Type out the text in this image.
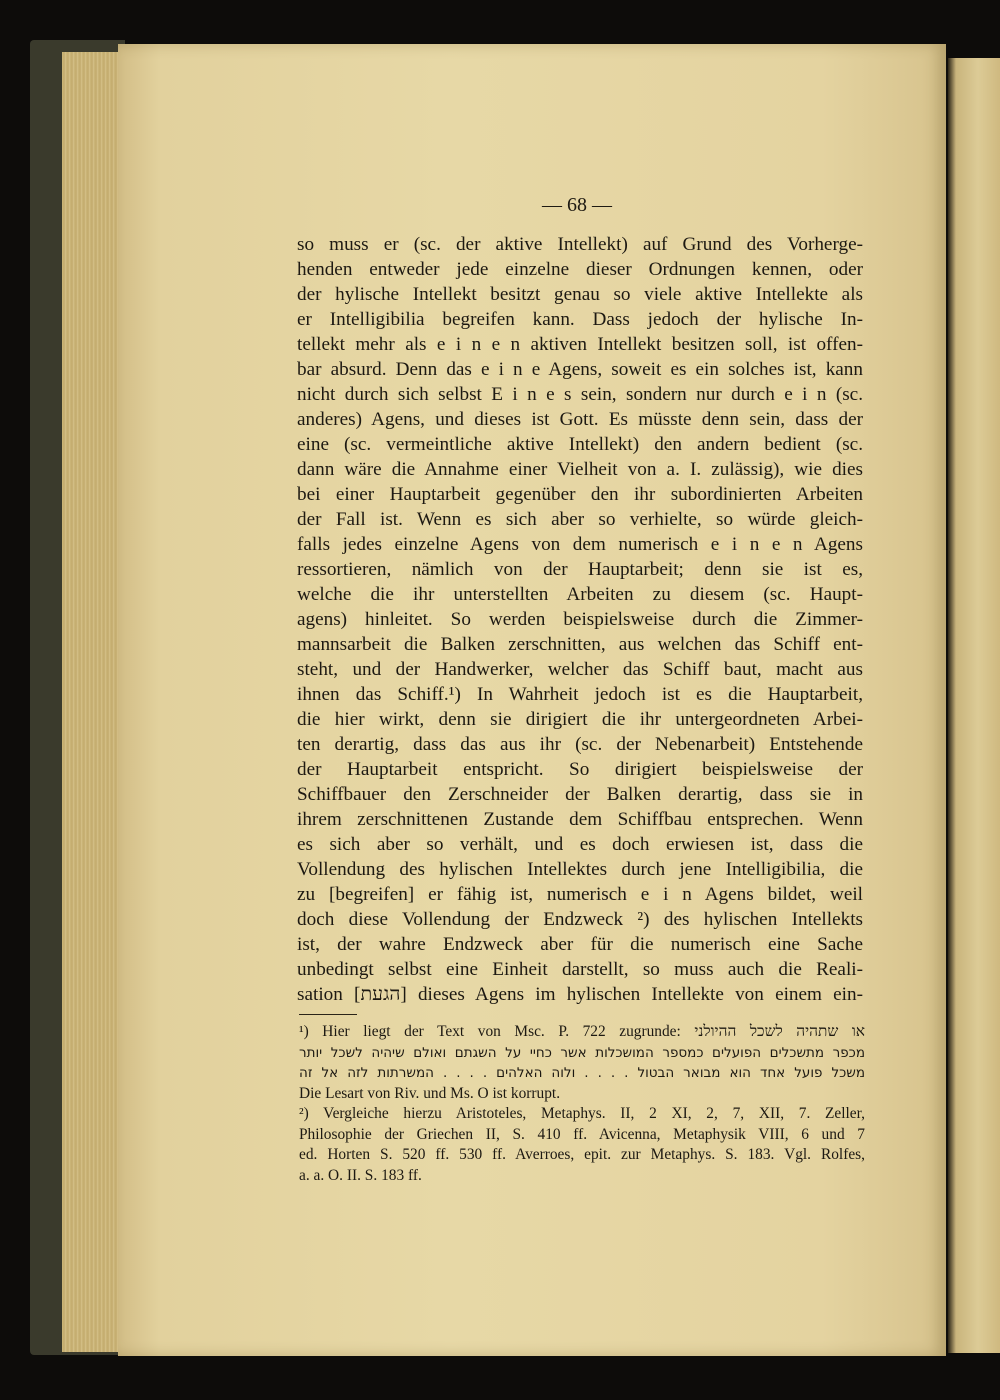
— 68 —
so muss er (sc. der aktive Intellekt) auf Grund des Vorherge-
henden entweder jede einzelne dieser Ordnungen kennen, oder
der hylische Intellekt besitzt genau so viele aktive Intellekte als
er Intelligibilia begreifen kann. Dass jedoch der hylische In-
tellekt mehr als e i n e n aktiven Intellekt besitzen soll, ist offen-
bar absurd. Denn das e i n e Agens, soweit es ein solches ist, kann
nicht durch sich selbst E i n e s sein, sondern nur durch e i n (sc.
anderes) Agens, und dieses ist Gott. Es müsste denn sein, dass der
eine (sc. vermeintliche aktive Intellekt) den andern bedient (sc.
dann wäre die Annahme einer Vielheit von a. I. zulässig), wie dies
bei einer Hauptarbeit gegenüber den ihr subordinierten Arbeiten
der Fall ist. Wenn es sich aber so verhielte, so würde gleich-
falls jedes einzelne Agens von dem numerisch e i n e n Agens
ressortieren, nämlich von der Hauptarbeit; denn sie ist es,
welche die ihr unterstellten Arbeiten zu diesem (sc. Haupt-
agens) hinleitet. So werden beispielsweise durch die Zimmer-
mannsarbeit die Balken zerschnitten, aus welchen das Schiff ent-
steht, und der Handwerker, welcher das Schiff baut, macht aus
ihnen das Schiff.¹) In Wahrheit jedoch ist es die Hauptarbeit,
die hier wirkt, denn sie dirigiert die ihr untergeordneten Arbei-
ten derartig, dass das aus ihr (sc. der Nebenarbeit) Entstehende
der Hauptarbeit entspricht. So dirigiert beispielsweise der
Schiffbauer den Zerschneider der Balken derartig, dass sie in
ihrem zerschnittenen Zustande dem Schiffbau entsprechen. Wenn
es sich aber so verhält, und es doch erwiesen ist, dass die
Vollendung des hylischen Intellektes durch jene Intelligibilia, die
zu [begreifen] er fähig ist, numerisch e i n Agens bildet, weil
doch diese Vollendung der Endzweck ²) des hylischen Intellekts
ist, der wahre Endzweck aber für die numerisch eine Sache
unbedingt selbst eine Einheit darstellt, so muss auch die Reali-
sation [הגעת] dieses Agens im hylischen Intellekte von einem ein-
¹) Hier liegt der Text von Msc. P. 722 zugrunde: או שתהיה לשכל ההיולני
מכפר מתשכלים הפועלים כמספר המושכלות אשר כחיי על השגתם ואולם שיהיה לשכל יותר
משכל פועל אחד הוא מבואר הבטול . . . . ולוה האלהים . . . . המשרתות לזה אל זה
Die Lesart von Riv. und Ms. O ist korrupt.
²) Vergleiche hierzu Aristoteles, Metaphys. II, 2 XI, 2, 7, XII, 7. Zeller,
Philosophie der Griechen II, S. 410 ff. Avicenna, Metaphysik VIII, 6 und 7
ed. Horten S. 520 ff. 530 ff. Averroes, epit. zur Metaphys. S. 183. Vgl. Rolfes,
a. a. O. II. S. 183 ff.
